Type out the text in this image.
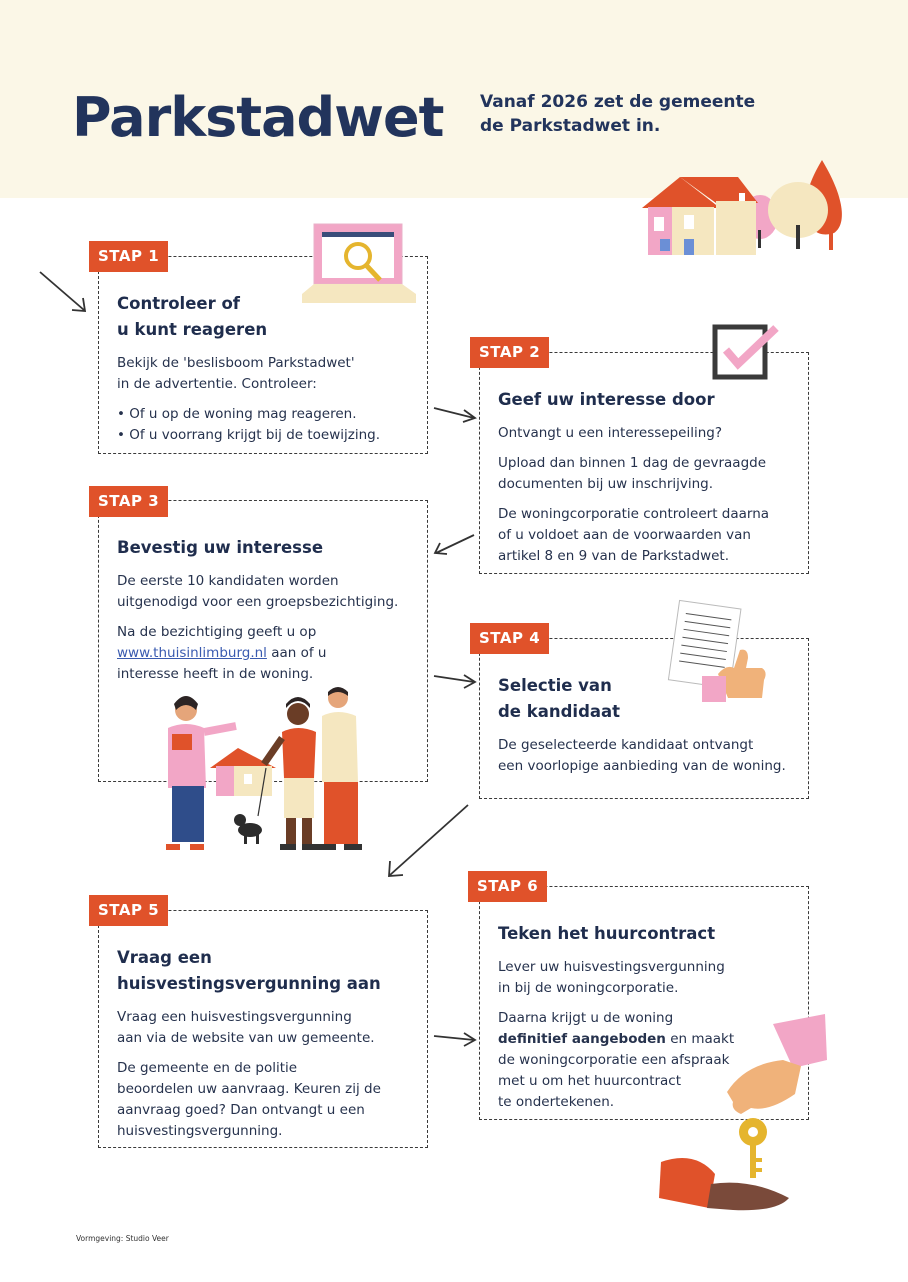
Parkstadwet Vanaf 2026 zet de gemeente de Parkstadwet in.
Controleer of
u kunt reageren

Bekijk de 'beslisboom Parkstadwet'
in de advertentie. Controleer:

• Of u op de woning mag reageren.
• Of u voorrang krijgt bij de toewijzing.
STAP 1
Geef uw interesse door

Ontvangt u een interessepeiling?

Upload dan binnen 1 dag de gevraagde
documenten bij uw inschrijving.

De woningcorporatie controleert daarna
of u voldoet aan de voorwaarden van
artikel 8 en 9 van de Parkstadwet.

STAP 2
Bevestig uw interesse

De eerste 10 kandidaten worden
uitgenodigd voor een groepsbezichtiging.

Na de bezichtiging geeft u op
www.thuisinlimburg.nl aan of u
interesse heeft in de woning.

STAP 3
Selectie van
de kandidaat

De geselecteerde kandidaat ontvangt
een voorlopige aanbieding van de woning.

STAP 4
Vraag een
huisvestingsvergunning aan

Vraag een huisvestingsvergunning
aan via de website van uw gemeente.

De gemeente en de politie
beoordelen uw aanvraag. Keuren zij de
aanvraag goed? Dan ontvangt u een
huisvestingsvergunning.

STAP 5
Teken het huurcontract

Lever uw huisvestingsvergunning
in bij de woningcorporatie.

Daarna krijgt u de woning
definitief aangeboden en maakt
de woningcorporatie een afspraak
met u om het huurcontract
te ondertekenen.

STAP 6
Vormgeving: Studio Veer
